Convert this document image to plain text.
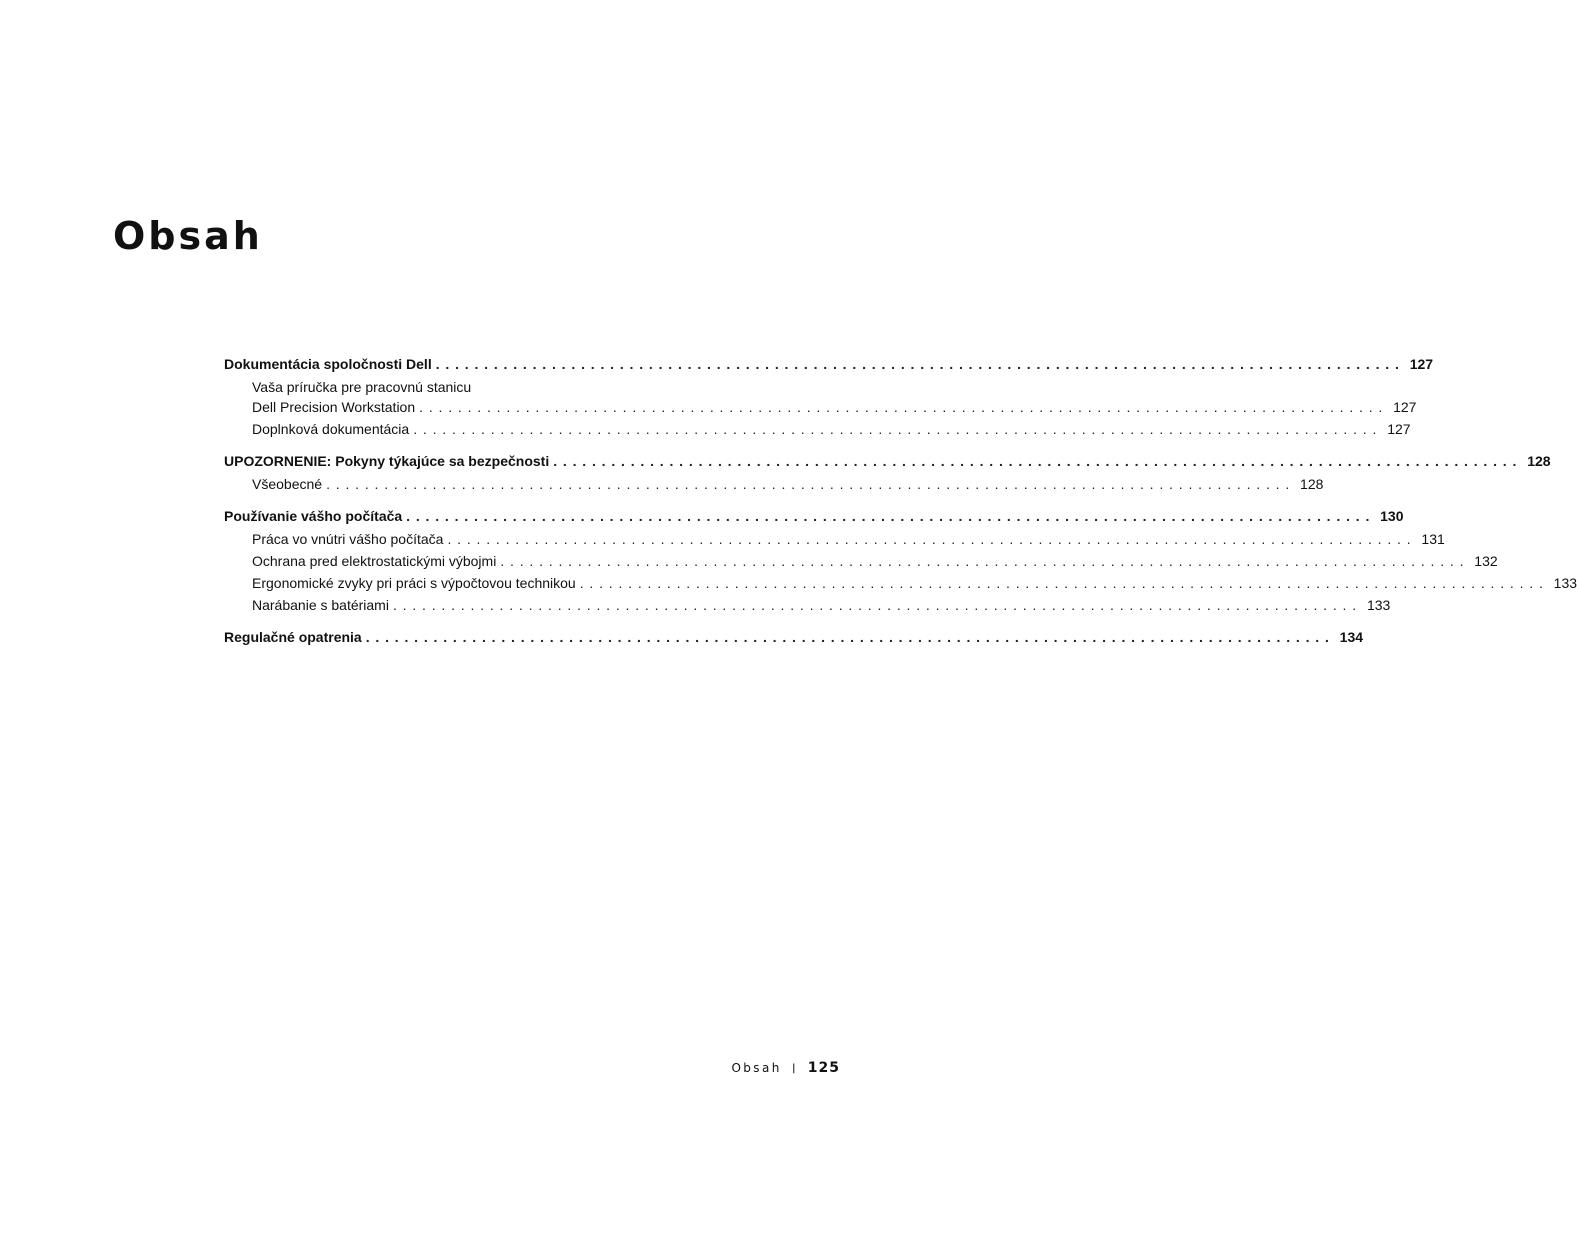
Obsah
Dokumentácia spoločnosti Dell .................................................................................................... 127
Vaša príručka pre pracovnú stanicu
Dell Precision Workstation .................................................................................................... 127
Doplnková dokumentácia .................................................................................................... 127
UPOZORNENIE: Pokyny týkajúce sa bezpečnosti .................................................................................................... 128
Všeobecné .................................................................................................... 128
Používanie vášho počítača .................................................................................................... 130
Práca vo vnútri vášho počítača .................................................................................................... 131
Ochrana pred elektrostatickými výbojmi .................................................................................................... 132
Ergonomické zvyky pri práci s výpočtovou technikou .................................................................................................... 133
Narábanie s batériami .................................................................................................... 133
Regulačné opatrenia .................................................................................................... 134
Obsah | 125
